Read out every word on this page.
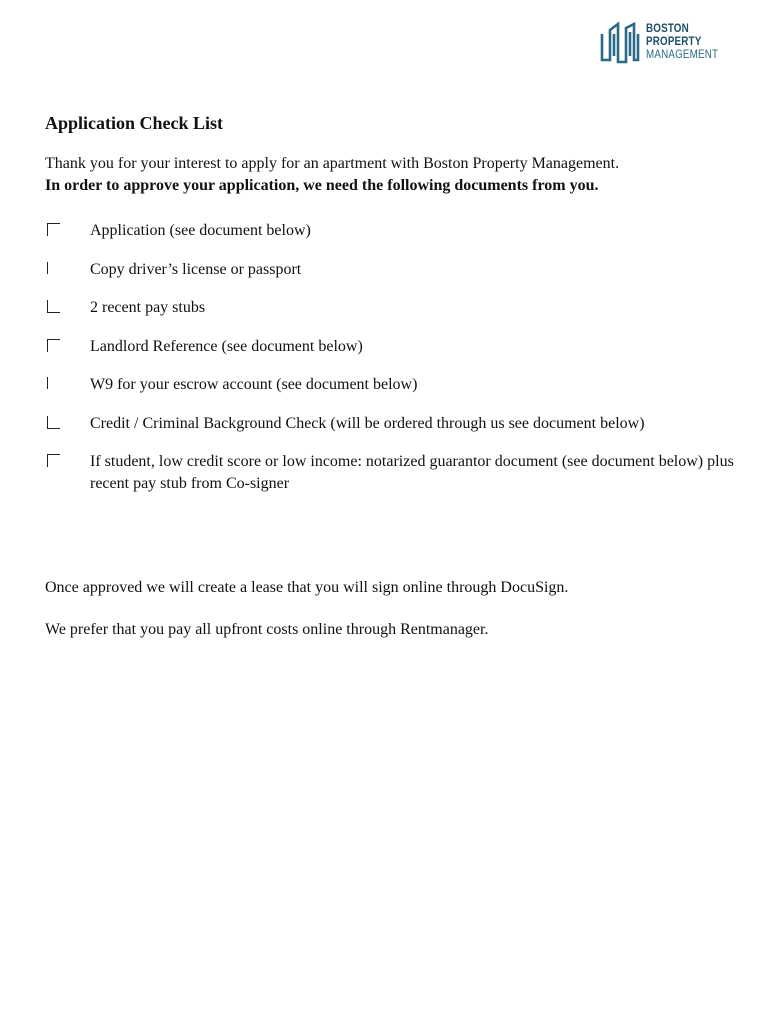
BOSTON
PROPERTY
MANAGEMENT
Application Check List
Thank you for your interest to apply for an apartment with Boston Property Management.
In order to approve your application, we need the following documents from you.
Application (see document below)
Copy driver’s license or passport
2 recent pay stubs
Landlord Reference (see document below)
W9 for your escrow account (see document below)
Credit / Criminal Background Check (will be ordered through us see document below)
If student, low credit score or low income: notarized guarantor document (see document below) plus recent pay stub from Co-signer
Once approved we will create a lease that you will sign online through DocuSign.
We prefer that you pay all upfront costs online through Rentmanager.
